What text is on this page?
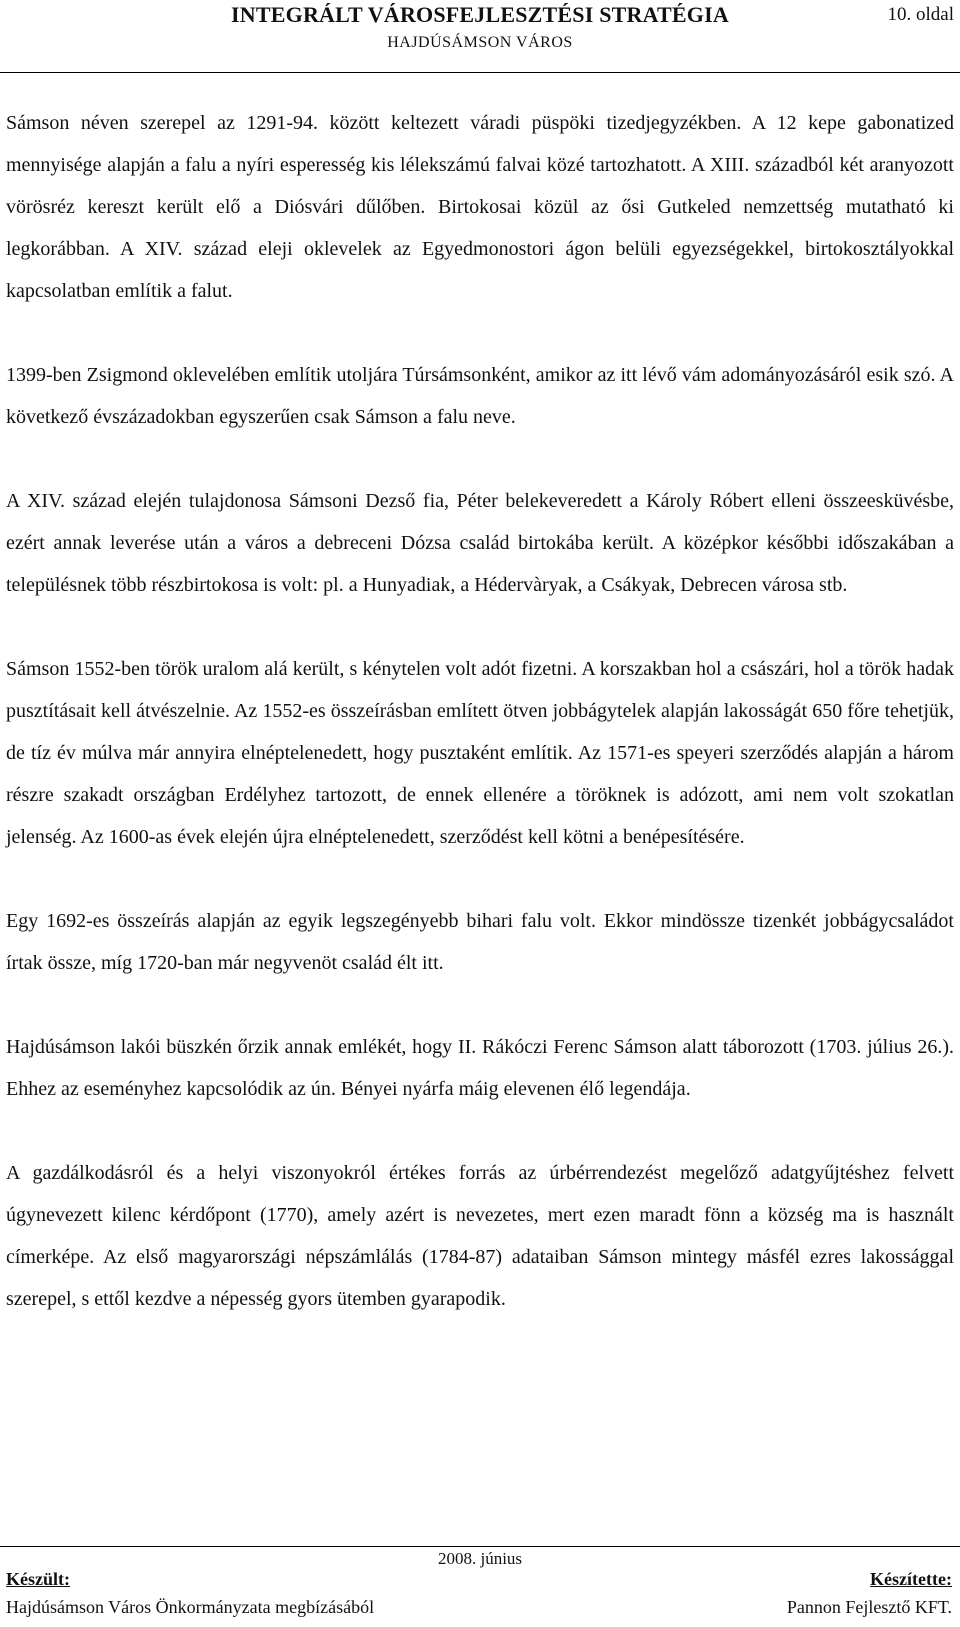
INTEGRÁLT VÁROSFEJLESZTÉSI STRATÉGIA	10. oldal
HAJDÚSÁMSON VÁROS

Sámson néven szerepel az 1291-94. között keltezett váradi püspöki tizedjegyzékben. A 12 kepe gabonatized mennyisége alapján a falu a nyíri esperesség kis lélekszámú falvai közé tartozhatott. A XIII. századból két aranyozott vörösréz kereszt került elő a Diósvári dűlőben. Birtokosai közül az ősi Gutkeled nemzettség mutatható ki legkorábban. A XIV. század eleji oklevelek az Egyedmonostori ágon belüli egyezségekkel, birtokosztályokkal kapcsolatban említik a falut.

1399-ben Zsigmond oklevelében említik utoljára Túrsámsonként, amikor az itt lévő vám adományozásáról esik szó. A következő évszázadokban egyszerűen csak Sámson a falu neve.

A XIV. század elején tulajdonosa Sámsoni Dezső fia, Péter belekeveredett a Károly Róbert elleni összeesküvésbe, ezért annak leverése után a város a debreceni Dózsa család birtokába került. A középkor későbbi időszakában a településnek több részbirtokosa is volt: pl. a Hunyadiak, a Hédervàryak, a Csákyak, Debrecen városa stb.

Sámson 1552-ben török uralom alá került, s kénytelen volt adót fizetni. A korszakban hol a császári, hol a török hadak pusztításait kell átvészelnie. Az 1552-es összeírásban említett ötven jobbágytelek alapján lakosságát 650 főre tehetjük, de tíz év múlva már annyira elnéptelenedett, hogy pusztaként említik. Az 1571-es speyeri szerződés alapján a három részre szakadt országban Erdélyhez tartozott, de ennek ellenére a töröknek is adózott, ami nem volt szokatlan jelenség. Az 1600-as évek elején újra elnéptelenedett, szerződést kell kötni a benépesítésére.

Egy 1692-es összeírás alapján az egyik legszegényebb bihari falu volt. Ekkor mindössze tizenkét jobbágycsaládot írtak össze, míg 1720-ban már negyvenöt család élt itt.

Hajdúsámson lakói büszkén őrzik annak emlékét, hogy II. Rákóczi Ferenc Sámson alatt táborozott (1703. július 26.). Ehhez az eseményhez kapcsolódik az ún. Bényei nyárfa máig elevenen élő legendája.

A gazdálkodásról és a helyi viszonyokról értékes forrás az úrbérrendezést megelőző adatgyűjtéshez felvett úgynevezett kilenc kérdőpont (1770), amely azért is nevezetes, mert ezen maradt fönn a község ma is használt címerképe. Az első magyarországi népszámlálás (1784-87) adataiban Sámson mintegy másfél ezres lakossággal szerepel, s ettől kezdve a népesség gyors ütemben gyarapodik.

2008. június
Készült:
Hajdúsámson Város Önkormányzata megbízásából
Készítette:
Pannon Fejlesztő KFT.
